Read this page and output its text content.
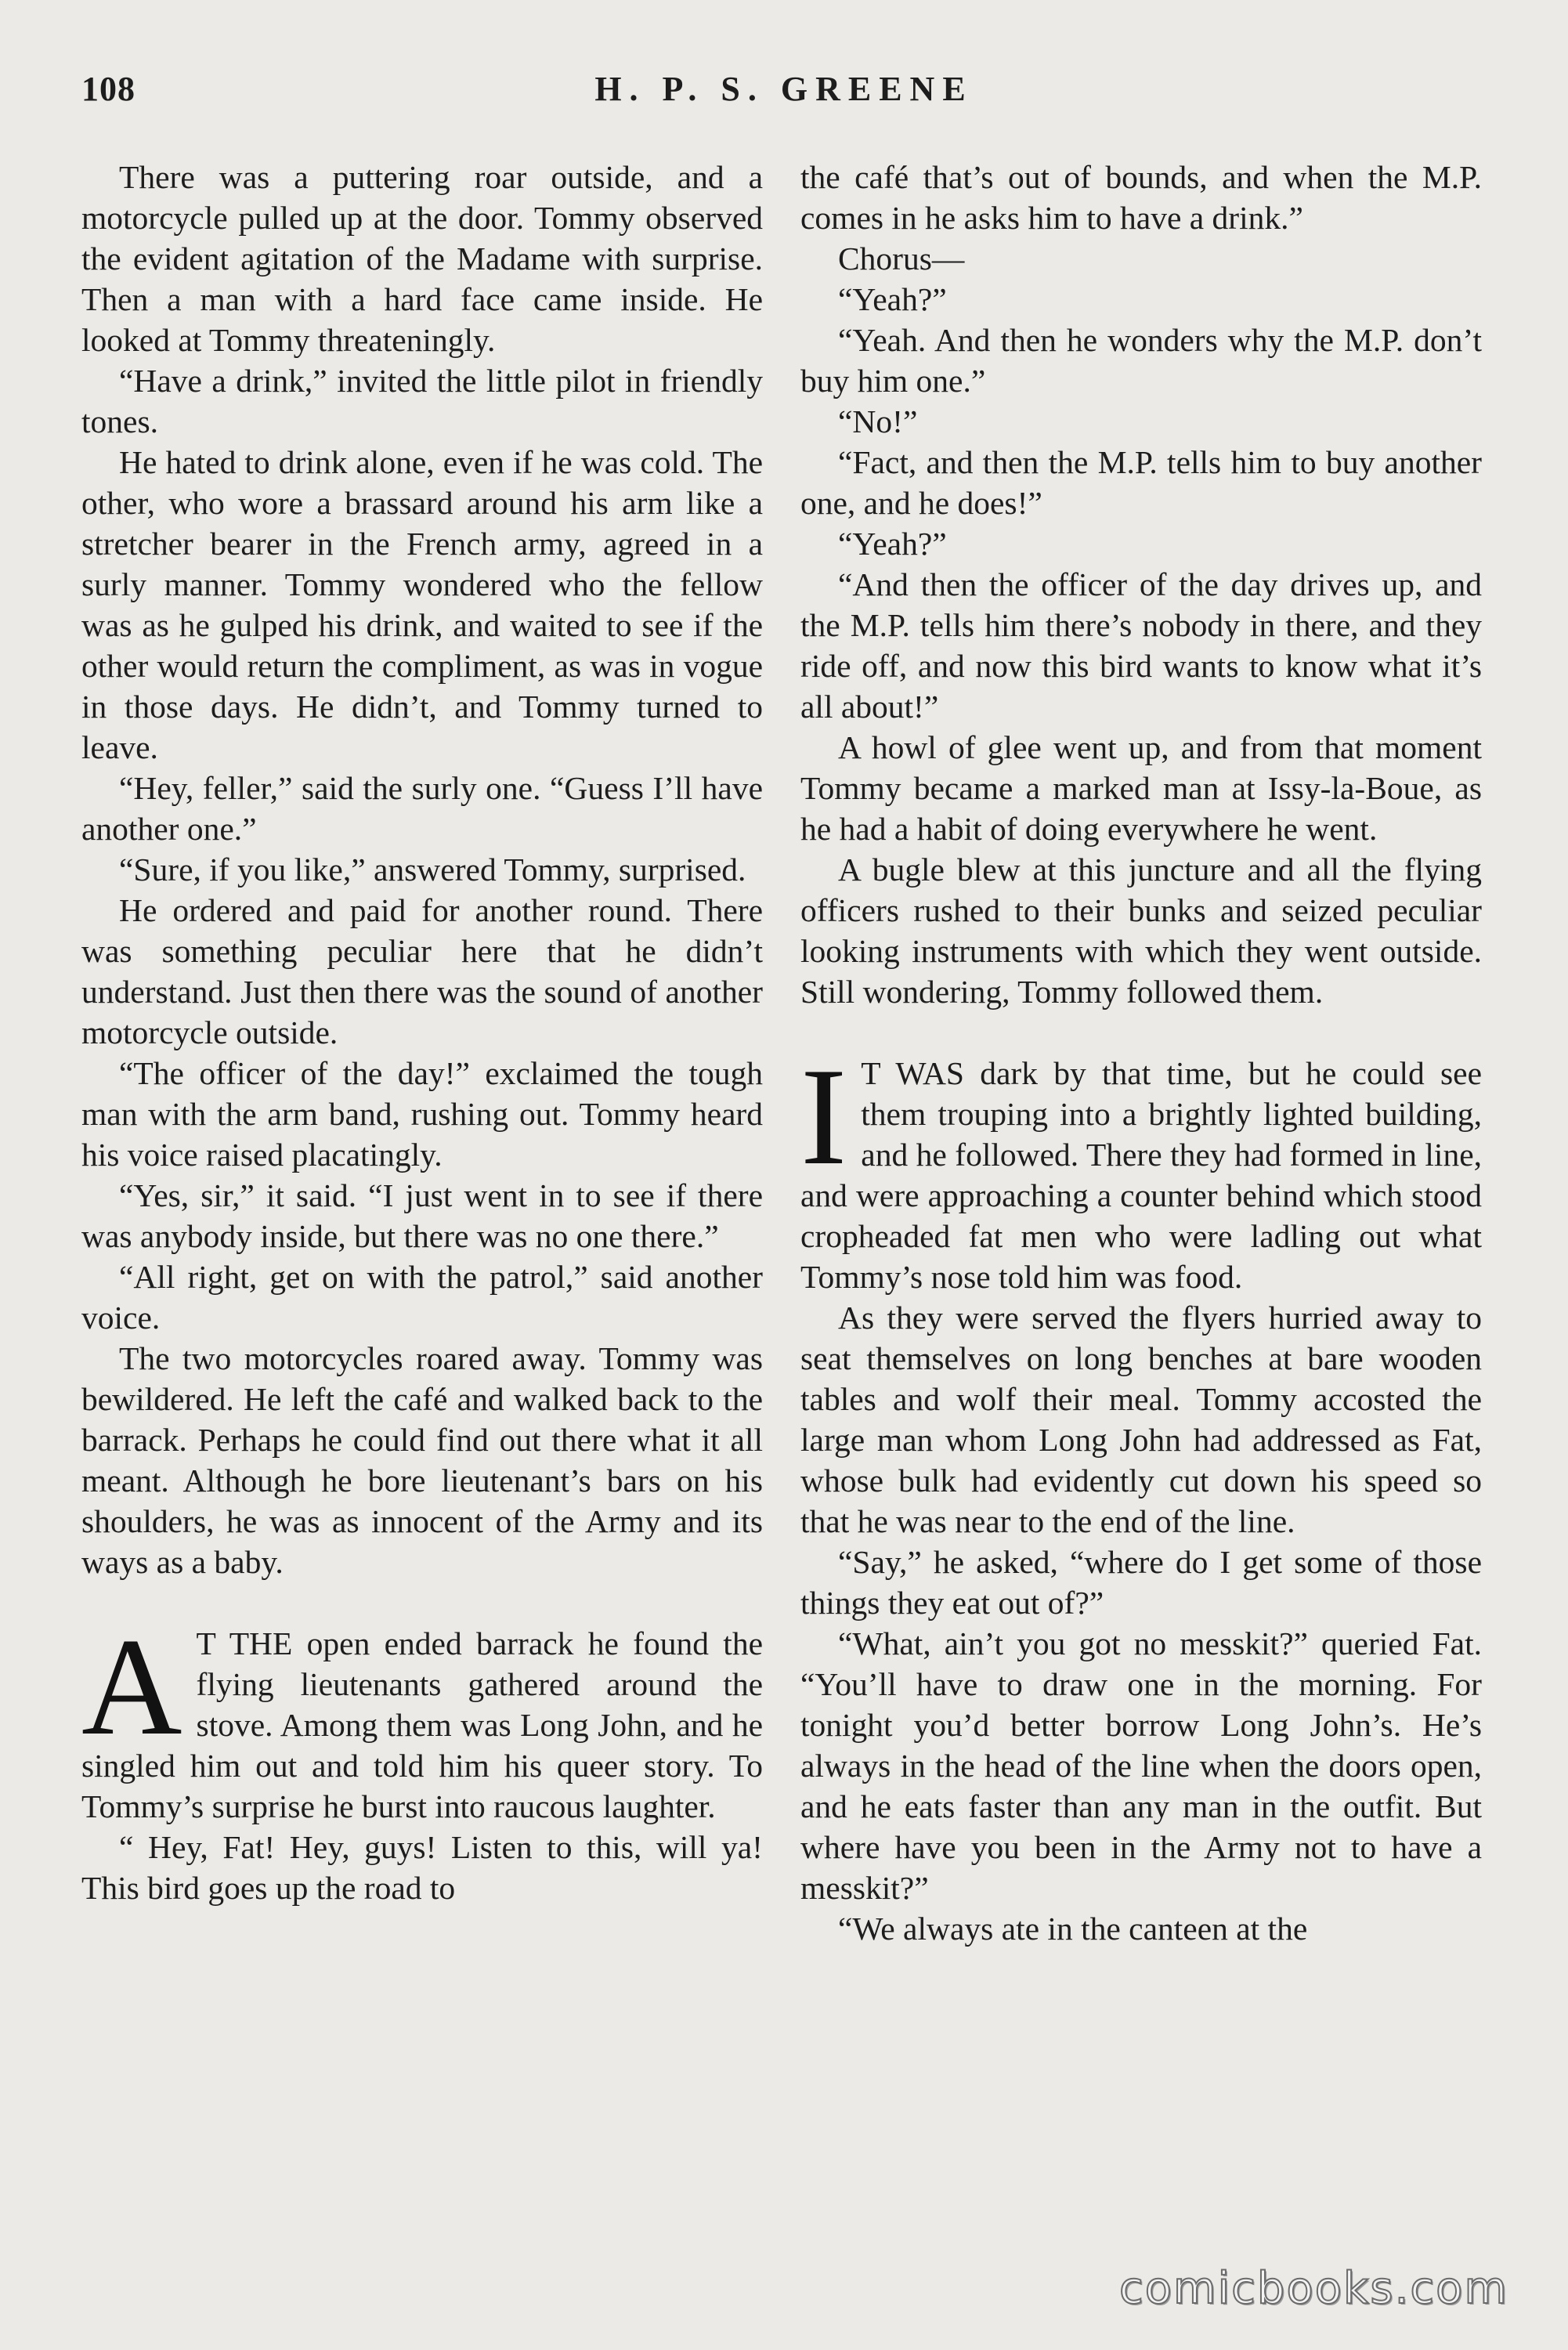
108	H. P. S. GREENE

There was a puttering roar outside, and a motorcycle pulled up at the door. Tommy observed the evident agitation of the Madame with surprise. Then a man with a hard face came inside. He looked at Tommy threateningly.

“Have a drink,” invited the little pilot in friendly tones.

He hated to drink alone, even if he was cold. The other, who wore a brassard around his arm like a stretcher bearer in the French army, agreed in a surly manner. Tommy wondered who the fellow was as he gulped his drink, and waited to see if the other would return the compliment, as was in vogue in those days. He didn’t, and Tommy turned to leave.

“Hey, feller,” said the surly one. “Guess I’ll have another one.”

“Sure, if you like,” answered Tommy, surprised.

He ordered and paid for another round. There was something peculiar here that he didn’t understand. Just then there was the sound of another motorcycle outside.

“The officer of the day!” exclaimed the tough man with the arm band, rushing out. Tommy heard his voice raised placatingly.

“Yes, sir,” it said. “I just went in to see if there was anybody inside, but there was no one there.”

“All right, get on with the patrol,” said another voice.

The two motorcycles roared away. Tommy was bewildered. He left the café and walked back to the barrack. Perhaps he could find out there what it all meant. Although he bore lieutenant’s bars on his shoulders, he was as innocent of the Army and its ways as a baby.

A T THE open ended barrack he found the flying lieutenants gathered around the stove. Among them was Long John, and he singled him out and told him his queer story. To Tommy’s surprise he burst into raucous laughter.

“ Hey, Fat! Hey, guys! Listen to this, will ya! This bird goes up the road to

the café that’s out of bounds, and when the M.P. comes in he asks him to have a drink.”

Chorus—

“Yeah?”

“Yeah. And then he wonders why the M.P. don’t buy him one.”

“No!”

“Fact, and then the M.P. tells him to buy another one, and he does!”

“Yeah?”

“And then the officer of the day drives up, and the M.P. tells him there’s nobody in there, and they ride off, and now this bird wants to know what it’s all about!”

A howl of glee went up, and from that moment Tommy became a marked man at Issy-la-Boue, as he had a habit of doing everywhere he went.

A bugle blew at this juncture and all the flying officers rushed to their bunks and seized peculiar looking instruments with which they went outside. Still wondering, Tommy followed them.

I T WAS dark by that time, but he could see them trouping into a brightly lighted building, and he followed. There they had formed in line, and were approaching a counter behind which stood cropheaded fat men who were ladling out what Tommy’s nose told him was food.

As they were served the flyers hurried away to seat themselves on long benches at bare wooden tables and wolf their meal. Tommy accosted the large man whom Long John had addressed as Fat, whose bulk had evidently cut down his speed so that he was near to the end of the line.

“Say,” he asked, “where do I get some of those things they eat out of?”

“What, ain’t you got no messkit?” queried Fat. “You’ll have to draw one in the morning. For tonight you’d better borrow Long John’s. He’s always in the head of the line when the doors open, and he eats faster than any man in the outfit. But where have you been in the Army not to have a messkit?”

“We always ate in the canteen at the

comicbooks.com
